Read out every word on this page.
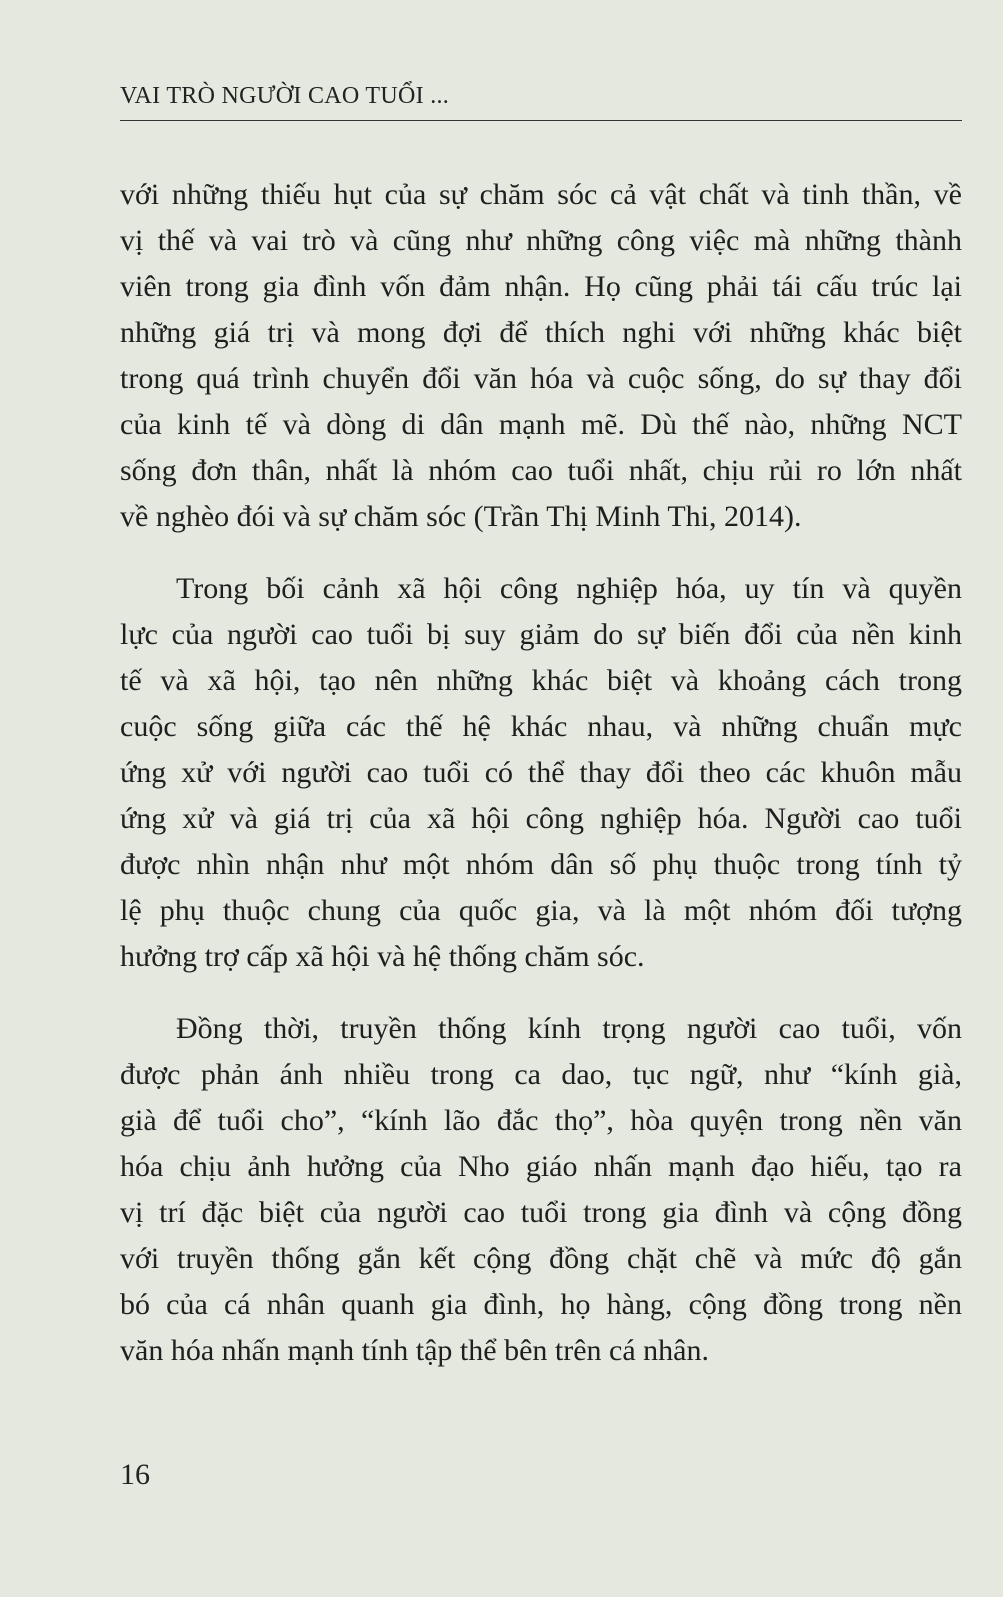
VAI TRÒ NGƯỜI CAO TUỔI ...
với những thiếu hụt của sự chăm sóc cả vật chất và tinh thần, về
vị thế và vai trò và cũng như những công việc mà những thành
viên trong gia đình vốn đảm nhận. Họ cũng phải tái cấu trúc lại
những giá trị và mong đợi để thích nghi với những khác biệt
trong quá trình chuyển đổi văn hóa và cuộc sống, do sự thay đổi
của kinh tế và dòng di dân mạnh mẽ. Dù thế nào, những NCT
sống đơn thân, nhất là nhóm cao tuổi nhất, chịu rủi ro lớn nhất
về nghèo đói và sự chăm sóc (Trần Thị Minh Thi, 2014).
Trong bối cảnh xã hội công nghiệp hóa, uy tín và quyền
lực của người cao tuổi bị suy giảm do sự biến đổi của nền kinh
tế và xã hội, tạo nên những khác biệt và khoảng cách trong
cuộc sống giữa các thế hệ khác nhau, và những chuẩn mực
ứng xử với người cao tuổi có thể thay đổi theo các khuôn mẫu
ứng xử và giá trị của xã hội công nghiệp hóa. Người cao tuổi
được nhìn nhận như một nhóm dân số phụ thuộc trong tính tỷ
lệ phụ thuộc chung của quốc gia, và là một nhóm đối tượng
hưởng trợ cấp xã hội và hệ thống chăm sóc.
Đồng thời, truyền thống kính trọng người cao tuổi, vốn
được phản ánh nhiều trong ca dao, tục ngữ, như “kính già,
già để tuổi cho”, “kính lão đắc thọ”, hòa quyện trong nền văn
hóa chịu ảnh hưởng của Nho giáo nhấn mạnh đạo hiếu, tạo ra
vị trí đặc biệt của người cao tuổi trong gia đình và cộng đồng
với truyền thống gắn kết cộng đồng chặt chẽ và mức độ gắn
bó của cá nhân quanh gia đình, họ hàng, cộng đồng trong nền
văn hóa nhấn mạnh tính tập thể bên trên cá nhân.
16
